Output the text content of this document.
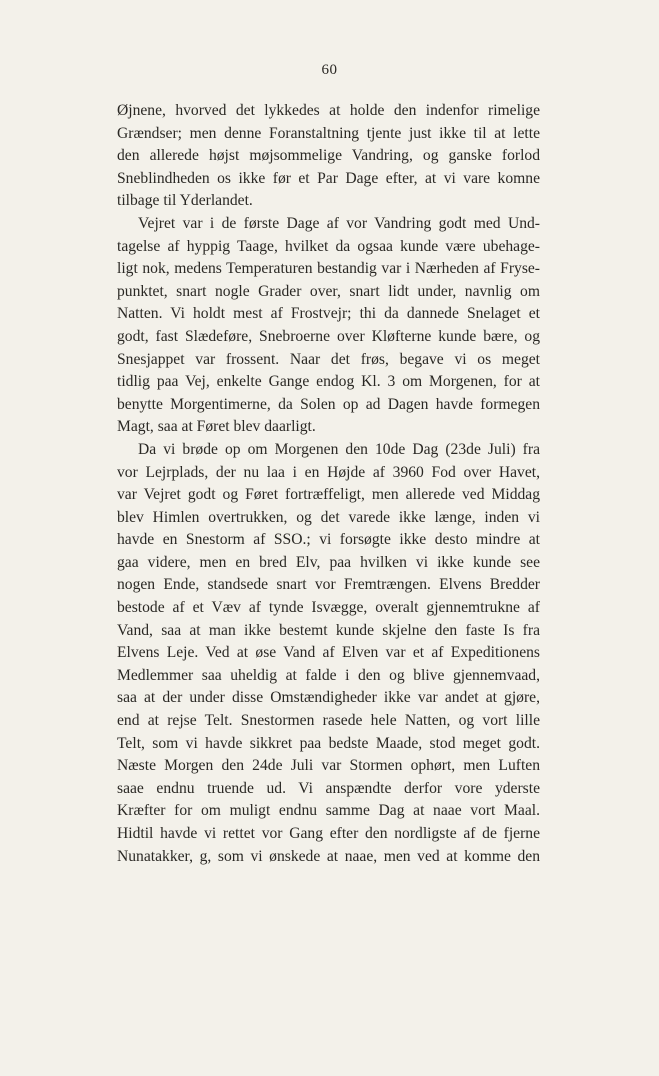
60
Øjnene, hvorved det lykkedes at holde den indenfor rimelige
Grændser; men denne Foranstaltning tjente just ikke til at lette
den allerede højst møjsommelige Vandring, og ganske forlod
Sneblindheden os ikke før et Par Dage efter, at vi vare komne
tilbage til Yderlandet.
Vejret var i de første Dage af vor Vandring godt med Und-
tagelse af hyppig Taage, hvilket da ogsaa kunde være ubehage-
ligt nok, medens Temperaturen bestandig var i Nærheden af Fryse-
punktet, snart nogle Grader over, snart lidt under, navnlig om
Natten. Vi holdt mest af Frostvejr; thi da dannede Snelaget et
godt, fast Slædeføre, Snebroerne over Kløfterne kunde bære, og
Snesjappet var frossent. Naar det frøs, begave vi os meget
tidlig paa Vej, enkelte Gange endog Kl. 3 om Morgenen, for at
benytte Morgentimerne, da Solen op ad Dagen havde formegen
Magt, saa at Føret blev daarligt.
Da vi brøde op om Morgenen den 10de Dag (23de Juli) fra
vor Lejrplads, der nu laa i en Højde af 3960 Fod over Havet,
var Vejret godt og Føret fortræffeligt, men allerede ved Middag
blev Himlen overtrukken, og det varede ikke længe, inden vi
havde en Snestorm af SSO.; vi forsøgte ikke desto mindre at
gaa videre, men en bred Elv, paa hvilken vi ikke kunde see
nogen Ende, standsede snart vor Fremtrængen. Elvens Bredder
bestode af et Væv af tynde Isvægge, overalt gjennemtrukne af
Vand, saa at man ikke bestemt kunde skjelne den faste Is fra
Elvens Leje. Ved at øse Vand af Elven var et af Expeditionens
Medlemmer saa uheldig at falde i den og blive gjennemvaad,
saa at der under disse Omstændigheder ikke var andet at gjøre,
end at rejse Telt. Snestormen rasede hele Natten, og vort lille
Telt, som vi havde sikkret paa bedste Maade, stod meget godt.
Næste Morgen den 24de Juli var Stormen ophørt, men Luften
saae endnu truende ud. Vi anspændte derfor vore yderste
Kræfter for om muligt endnu samme Dag at naae vort Maal.
Hidtil havde vi rettet vor Gang efter den nordligste af de fjerne
Nunatakker, g, som vi ønskede at naae, men ved at komme den
